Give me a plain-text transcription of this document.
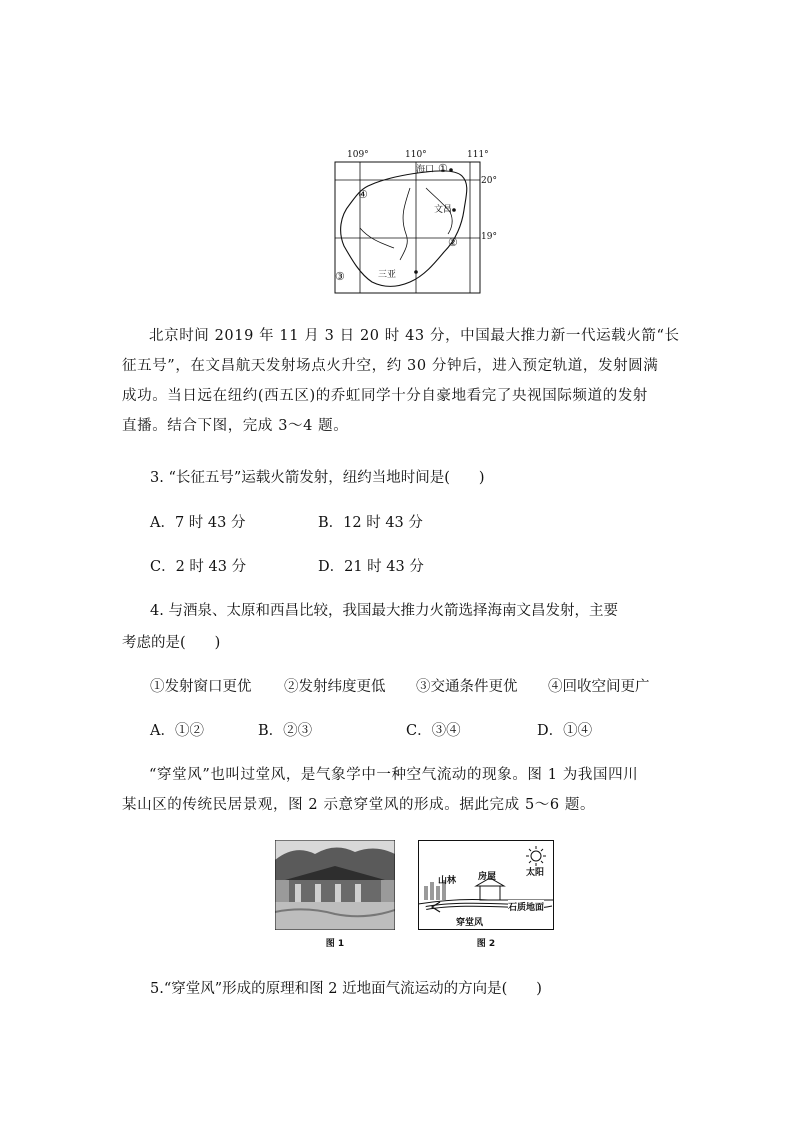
109°	110°	111°
20°
19°
海口 ①
文昌
④
②
③	三亚
北京时间 2019 年 11 月 3 日 20 时 43 分，中国最大推力新一代运载火箭“长
征五号”，在文昌航天发射场点火升空，约 30 分钟后，进入预定轨道，发射圆满
成功。当日远在纽约(西五区)的乔虹同学十分自豪地看完了央视国际频道的发射
直播。结合下图，完成 3～4 题。
3. “长征五号”运载火箭发射，纽约当地时间是(　　)
A．7 时 43 分	B．12 时 43 分
C．2 时 43 分	D．21 时 43 分
4. 与酒泉、太原和西昌比较，我国最大推力火箭选择海南文昌发射，主要
考虑的是(　　)
①发射窗口更优 ②发射纬度更低 ③交通条件更优 ④回收空间更广
A．①②	B．②③	C．③④	D．①④
“穿堂风”也叫过堂风，是气象学中一种空气流动的现象。图 1 为我国四川
某山区的传统民居景观，图 2 示意穿堂风的形成。据此完成 5～6 题。
图 1
山林 房屋	太阳
石质地面
穿堂风
图 2
5.“穿堂风”形成的原理和图 2 近地面气流运动的方向是(　　)
